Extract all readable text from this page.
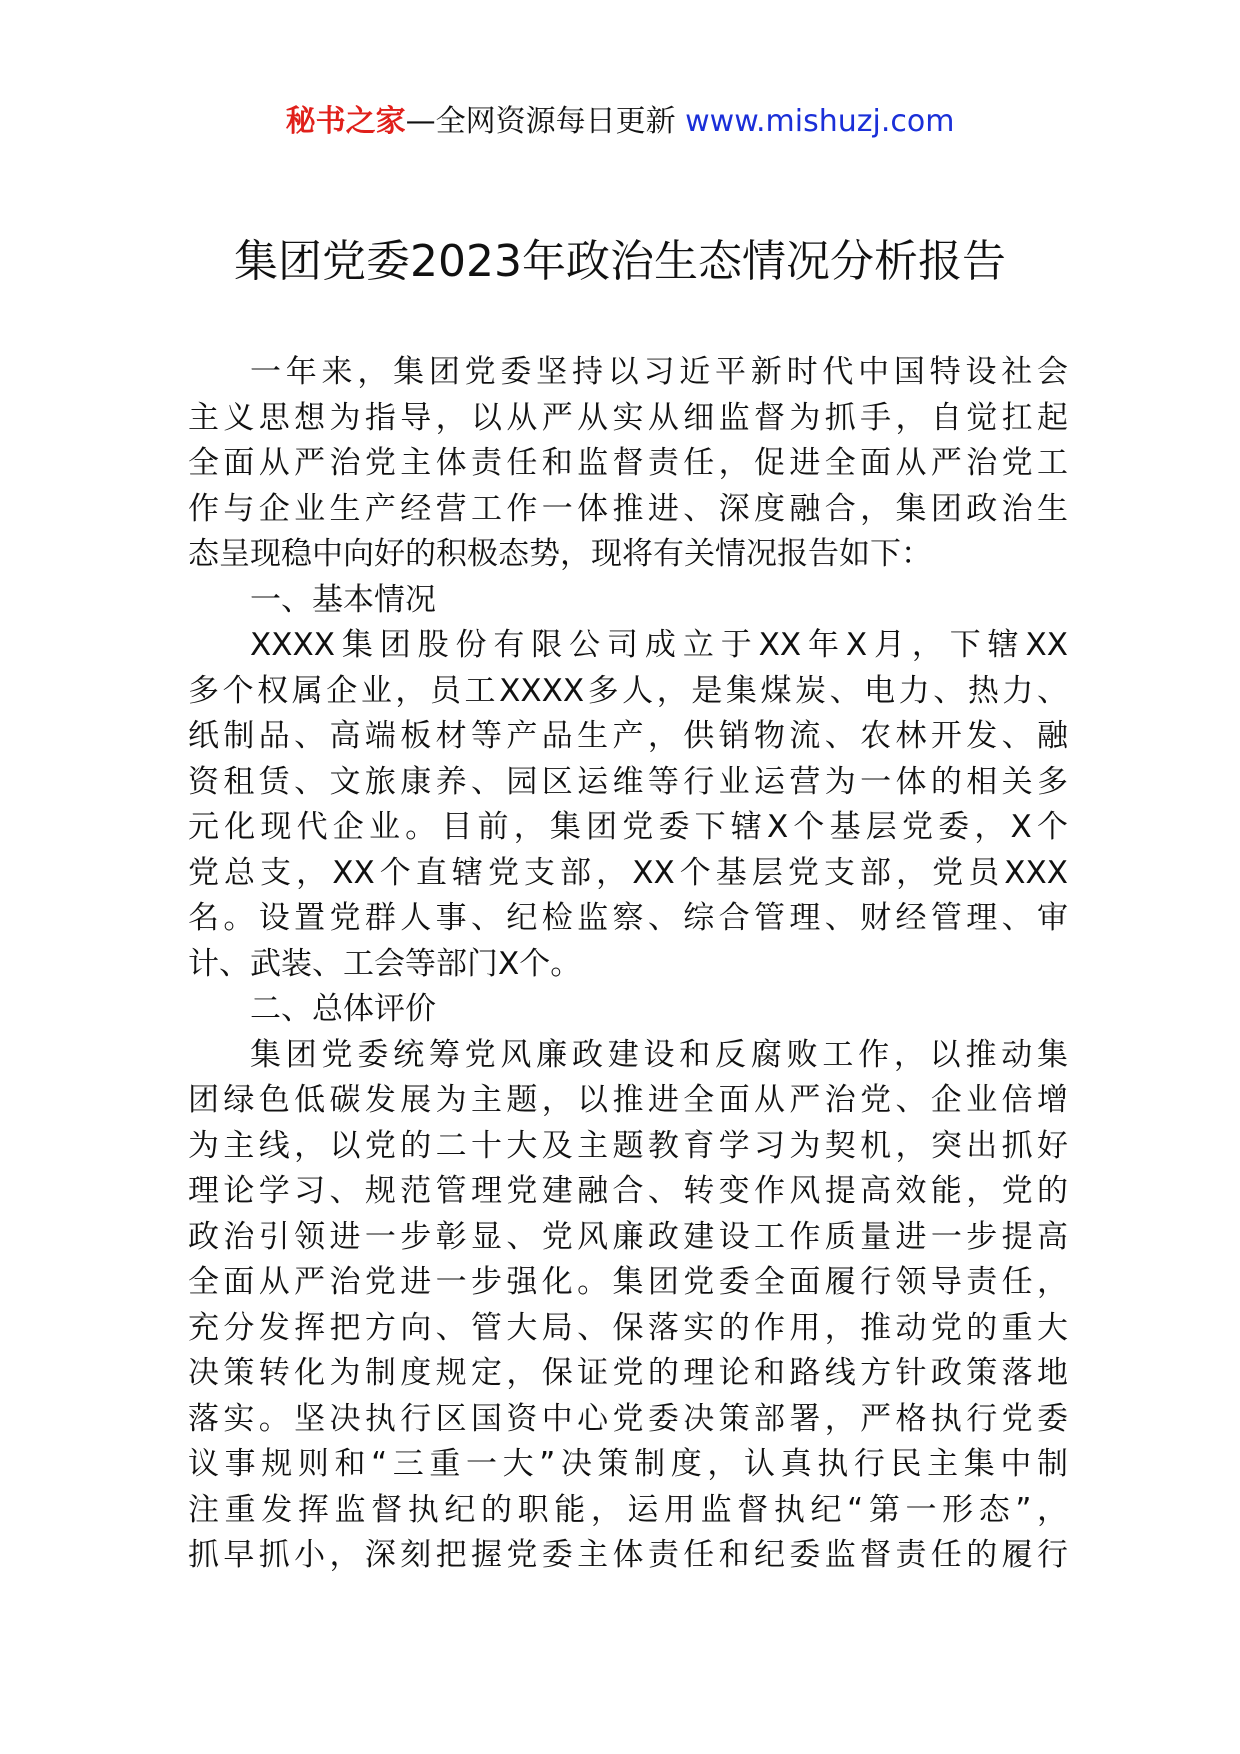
秘书之家—全网资源每日更新 www.mishuzj.com
集团党委2023年政治生态情况分析报告
一年来，集团党委坚持以习近平新时代中国特设社会
主义思想为指导，以从严从实从细监督为抓手，自觉扛起
全面从严治党主体责任和监督责任，促进全面从严治党工
作与企业生产经营工作一体推进、深度融合，集团政治生
态呈现稳中向好的积极态势，现将有关情况报告如下：
一、基本情况
XXXX集团股份有限公司成立于XX年X月，下辖XX
多个权属企业，员工XXXX多人，是集煤炭、电力、热力、
纸制品、高端板材等产品生产，供销物流、农林开发、融
资租赁、文旅康养、园区运维等行业运营为一体的相关多
元化现代企业。目前，集团党委下辖X个基层党委，X个
党总支，XX个直辖党支部，XX个基层党支部，党员XXX
名。设置党群人事、纪检监察、综合管理、财经管理、审
计、武装、工会等部门X个。
二、总体评价
集团党委统筹党风廉政建设和反腐败工作，以推动集
团绿色低碳发展为主题，以推进全面从严治党、企业倍增
为主线，以党的二十大及主题教育学习为契机，突出抓好
理论学习、规范管理党建融合、转变作风提高效能，党的
政治引领进一步彰显、党风廉政建设工作质量进一步提高
全面从严治党进一步强化。集团党委全面履行领导责任，
充分发挥把方向、管大局、保落实的作用，推动党的重大
决策转化为制度规定，保证党的理论和路线方针政策落地
落实。坚决执行区国资中心党委决策部署，严格执行党委
议事规则和“三重一大”决策制度，认真执行民主集中制
注重发挥监督执纪的职能，运用监督执纪“第一形态”，
抓早抓小，深刻把握党委主体责任和纪委监督责任的履行
